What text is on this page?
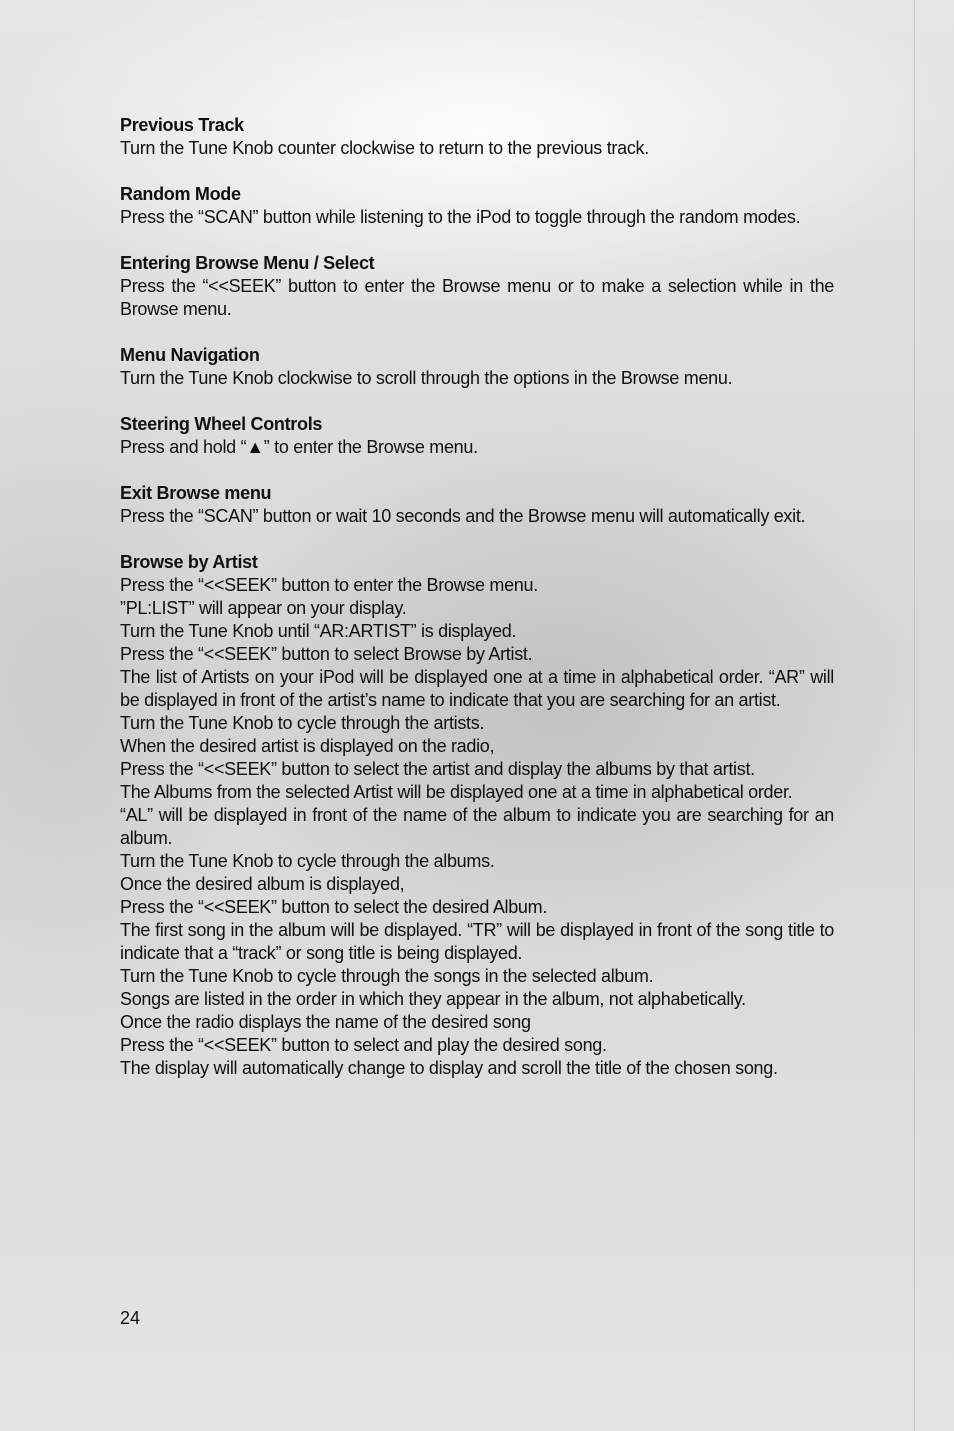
Previous Track

Turn the Tune Knob counter clockwise to return to the previous track.

Random Mode

Press the “SCAN” button while listening to the iPod to toggle through the random modes.

Entering Browse Menu / Select

Press the “<<SEEK” button to enter the Browse menu or to make a selection while in the Browse menu.

Menu Navigation

Turn the Tune Knob clockwise to scroll through the options in the Browse menu.

Steering Wheel Controls

Press and hold “▲” to enter the Browse menu.

Exit Browse menu

Press the “SCAN” button or wait 10 seconds and the Browse menu will automatically exit.

Browse by Artist

Press the “<<SEEK” button to enter the Browse menu.

”PL:LIST” will appear on your display.

Turn the Tune Knob until “AR:ARTIST” is displayed.

Press the “<<SEEK” button to select Browse by Artist.

The list of Artists on your iPod will be displayed one at a time in alphabetical order. “AR” will be displayed in front of the artist’s name to indicate that you are searching for an artist.

Turn the Tune Knob to cycle through the artists.

When the desired artist is displayed on the radio,

Press the “<<SEEK” button to select the artist and display the albums by that artist.

The Albums from the selected Artist will be displayed one at a time in alphabetical order.

“AL” will be displayed in front of the name of the album to indicate you are searching for an album.

Turn the Tune Knob to cycle through the albums.

Once the desired album is displayed,

Press the “<<SEEK” button to select the desired Album.

The first song in the album will be displayed. “TR” will be displayed in front of the song title to indicate that a “track” or song title is being displayed.

Turn the Tune Knob to cycle through the songs in the selected album.

Songs are listed in the order in which they appear in the album, not alphabetically.

Once the radio displays the name of the desired song

Press the “<<SEEK” button to select and play the desired song.

The display will automatically change to display and scroll the title of the chosen song.

24
